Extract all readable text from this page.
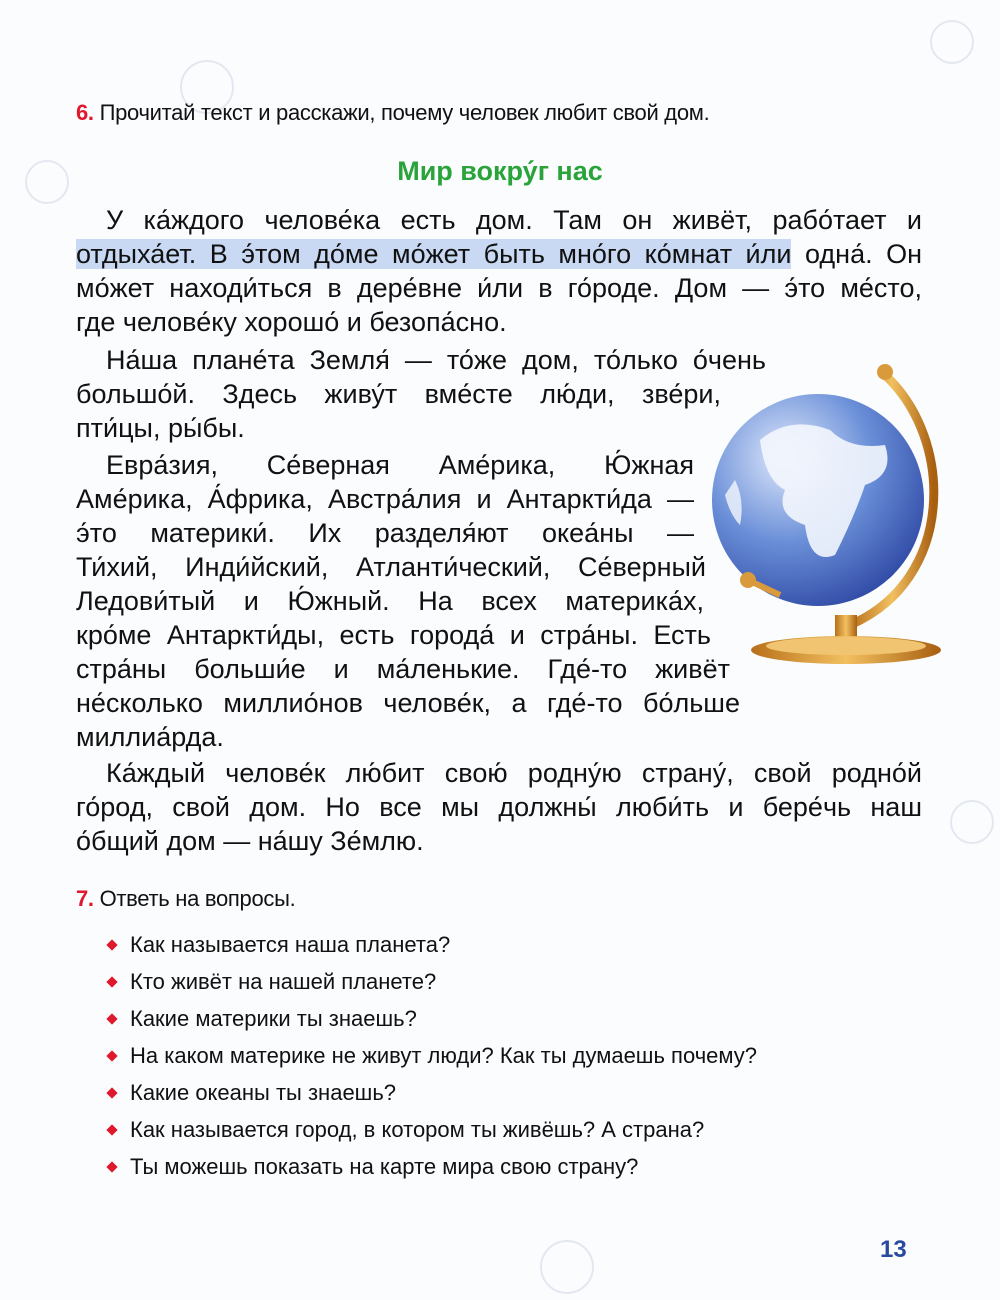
6. Прочитай текст и расскажи, почему человек любит свой дом.
Мир вокру́г нас
У ка́ждого челове́ка есть дом. Там он живёт, рабо́тает и
отдыха́ет. В э́том до́ме мо́жет быть мно́го ко́мнат и́ли одна́. Он
мо́жет находи́ться в дере́вне и́ли в го́роде. Дом — э́то ме́сто,
где челове́ку хорошо́ и безопа́сно.
На́ша плане́та Земля́ — то́же дом, то́лько о́чень
большо́й. Здесь живу́т вме́сте лю́ди, зве́ри,
пти́цы, ры́бы.
Евра́зия, Се́верная Аме́рика, Ю́жная
Аме́рика, А́фрика, Австра́лия и Антаркти́да —
э́то материки́. Их разделя́ют океа́ны —
Ти́хий, Инди́йский, Атланти́ческий, Се́верный
Ледови́тый и Ю́жный. На всех материка́х,
кро́ме Антаркти́ды, есть города́ и стра́ны. Есть
стра́ны больши́е и ма́ленькие. Где́-то живёт
не́сколько миллио́нов челове́к, а где́-то бо́льше
миллиа́рда.
Ка́ждый челове́к лю́бит свою́ родну́ю страну́, свой родно́й
го́род, свой дом. Но все мы должны́ люби́ть и бере́чь наш
о́бщий дом — на́шу Зе́млю.
7. Ответь на вопросы.
Как называется наша планета?
Кто живёт на нашей планете?
Какие материки ты знаешь?
На каком материке не живут люди? Как ты думаешь почему?
Какие океаны ты знаешь?
Как называется город, в котором ты живёшь? А страна?
Ты можешь показать на карте мира свою страну?
13
